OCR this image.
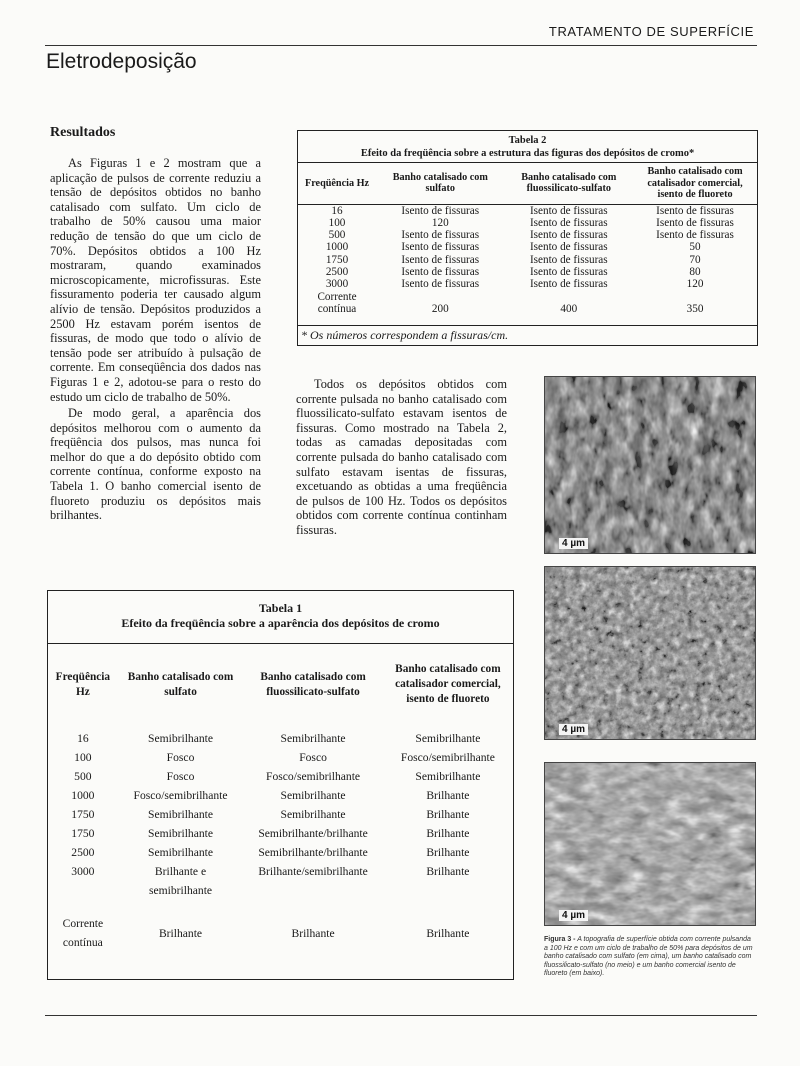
TRATAMENTO DE SUPERFÍCIE
Eletrodeposição
Resultados

As Figuras 1 e 2 mostram que a aplicação de pulsos de corrente reduziu a tensão de depósitos obtidos no banho catalisado com sulfato. Um ciclo de trabalho de 50% causou uma maior redução de tensão do que um ciclo de 70%. Depósitos obtidos a 100 Hz mostraram, quando examinados microscopicamente, microfissuras. Este fissuramento poderia ter causado algum alívio de tensão. Depósitos produzidos a 2500 Hz estavam porém isentos de fissuras, de modo que todo o alívio de tensão pode ser atribuído à pulsação de corrente. Em conseqüência dos dados nas Figuras 1 e 2, adotou-se para o resto do estudo um ciclo de trabalho de 50%.

De modo geral, a aparência dos depósitos melhorou com o aumento da freqüência dos pulsos, mas nunca foi melhor do que a do depósito obtido com corrente contínua, conforme exposto na Tabela 1. O banho comercial isento de fluoreto produziu os depósitos mais brilhantes.

Todos os depósitos obtidos com corrente pulsada no banho catalisado com fluossilicato-sulfato estavam isentos de fissuras. Como mostrado na Tabela 2, todas as camadas depositadas com corrente pulsada do banho catalisado com sulfato estavam isentas de fissuras, excetuando as obtidas a uma freqüência de pulsos de 100 Hz. Todos os depósitos obtidos com corrente contínua continham fissuras.

Tabela 2
Efeito da freqüência sobre a estrutura das figuras dos depósitos de cromo*
Freqüência Hz	Banho catalisado com sulfato	Banho catalisado com fluossilicato-sulfato	Banho catalisado com catalisador comercial, isento de fluoreto
16	Isento de fissuras	Isento de fissuras	Isento de fissuras
100	120	Isento de fissuras	Isento de fissuras
500	Isento de fissuras	Isento de fissuras	Isento de fissuras
1000	Isento de fissuras	Isento de fissuras	50
1750	Isento de fissuras	Isento de fissuras	70
2500	Isento de fissuras	Isento de fissuras	80
3000	Isento de fissuras	Isento de fissuras	120
Corrente contínua	200	400	350
* Os números correspondem a fissuras/cm.
Tabela 1
Efeito da freqüência sobre a aparência dos depósitos de cromo
Freqüência Hz	Banho catalisado com sulfato	Banho catalisado com fluossilicato-sulfato	Banho catalisado com catalisador comercial, isento de fluoreto
16	Semibrilhante	Semibrilhante	Semibrilhante
100	Fosco	Fosco	Fosco/semibrilhante
500	Fosco	Fosco/semibrilhante	Semibrilhante
1000	Fosco/semibrilhante	Semibrilhante	Brilhante
1750	Semibrilhante	Semibrilhante	Brilhante
1750	Semibrilhante	Semibrilhante/brilhante	Brilhante
2500	Semibrilhante	Semibrilhante/brilhante	Brilhante
3000	Brilhante e semibrilhante	Brilhante/semibrilhante	Brilhante

Corrente contínua	Brilhante	Brilhante	Brilhante
4 µm
4 µm
4 µm
Figura 3 - A topografia de superfície obtida com corrente pulsanda a 100 Hz e com um ciclo de trabalho de 50% para depósitos de um banho catalisado com sulfato (em cima), um banho catalisado com fluossilicato-sulfato (no meio) e um banho comercial isento de fluoreto (em baixo).
